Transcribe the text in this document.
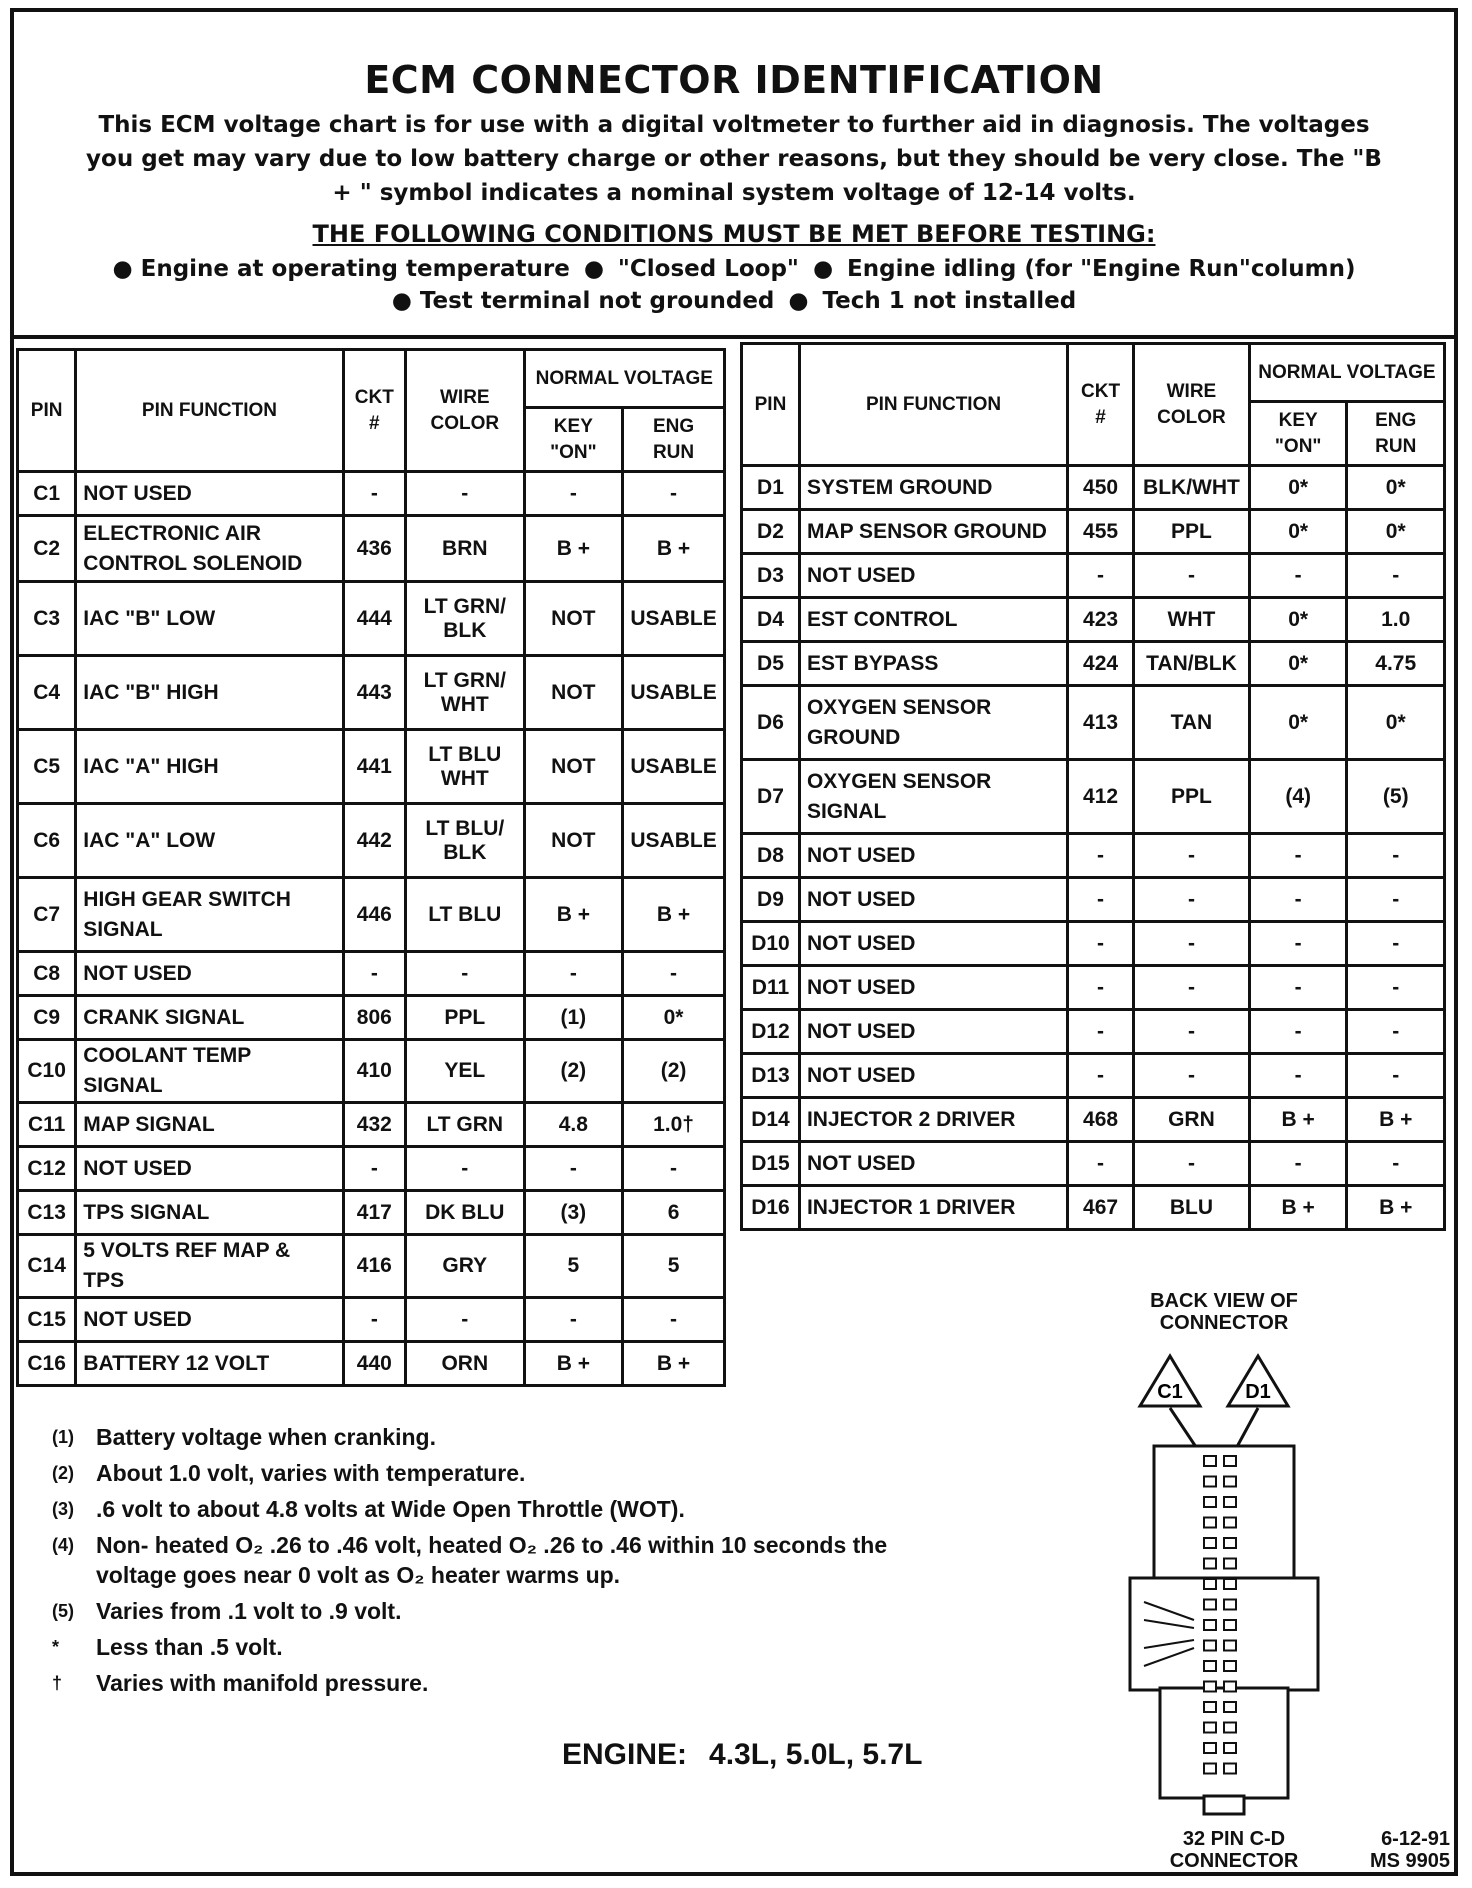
ECM CONNECTOR IDENTIFICATION
This ECM voltage chart is for use with a digital voltmeter to further aid in diagnosis. The voltages you get may vary due to low battery charge or other reasons, but they should be very close. The "B + " symbol indicates a nominal system voltage of 12-14 volts.
THE FOLLOWING CONDITIONS MUST BE MET BEFORE TESTING:
● Engine at operating temperature ● "Closed Loop" ● Engine idling (for "Engine Run"column)
● Test terminal not grounded ● Tech 1 not installed
PIN	PIN FUNCTION	CKT #	WIRE COLOR	NORMAL VOLTAGE	
				KEY "ON"	ENG RUN
C1	NOT USED	-	-	-	-
C2	ELECTRONIC AIR CONTROL SOLENOID	436	BRN	B +	B +
C3	IAC "B" LOW	444	LT GRN/ BLK	NOT	USABLE
C4	IAC "B" HIGH	443	LT GRN/ WHT	NOT	USABLE
C5	IAC "A" HIGH	441	LT BLU WHT	NOT	USABLE
C6	IAC "A" LOW	442	LT BLU/ BLK	NOT	USABLE
C7	HIGH GEAR SWITCH SIGNAL	446	LT BLU	B +	B +
C8	NOT USED	-	-	-	-
C9	CRANK SIGNAL	806	PPL	(1)	0*
C10	COOLANT TEMP SIGNAL	410	YEL	(2)	(2)
C11	MAP SIGNAL	432	LT GRN	4.8	1.0†
C12	NOT USED	-	-	-	-
C13	TPS SIGNAL	417	DK BLU	(3)	6
C14	5 VOLTS REF MAP & TPS	416	GRY	5	5
C15	NOT USED	-	-	-	-
C16	BATTERY 12 VOLT	440	ORN	B +	B +
PIN	PIN FUNCTION	CKT #	WIRE COLOR	NORMAL VOLTAGE	
				KEY "ON"	ENG RUN
D1	SYSTEM GROUND	450	BLK/WHT	0*	0*
D2	MAP SENSOR GROUND	455	PPL	0*	0*
D3	NOT USED	-	-	-	-
D4	EST CONTROL	423	WHT	0*	1.0
D5	EST BYPASS	424	TAN/BLK	0*	4.75
D6	OXYGEN SENSOR GROUND	413	TAN	0*	0*
D7	OXYGEN SENSOR SIGNAL	412	PPL	(4)	(5)
D8	NOT USED	-	-	-	-
D9	NOT USED	-	-	-	-
D10	NOT USED	-	-	-	-
D11	NOT USED	-	-	-	-
D12	NOT USED	-	-	-	-
D13	NOT USED	-	-	-	-
D14	INJECTOR 2 DRIVER	468	GRN	B +	B +
D15	NOT USED	-	-	-	-
D16	INJECTOR 1 DRIVER	467	BLU	B +	B +
(1) Battery voltage when cranking.
(2) About 1.0 volt, varies with temperature.
(3) .6 volt to about 4.8 volts at Wide Open Throttle (WOT).
(4) Non- heated O₂ .26 to .46 volt, heated O₂ .26 to .46 within 10 seconds the voltage goes near 0 volt as O₂ heater warms up.
(5) Varies from .1 volt to .9 volt.
*	Less than .5 volt.
†	Varies with manifold pressure.
ENGINE: 4.3L, 5.0L, 5.7L
BACK VIEW OF CONNECTOR
C1	D1
32 PIN C-D CONNECTOR
6-12-91
MS 9905
